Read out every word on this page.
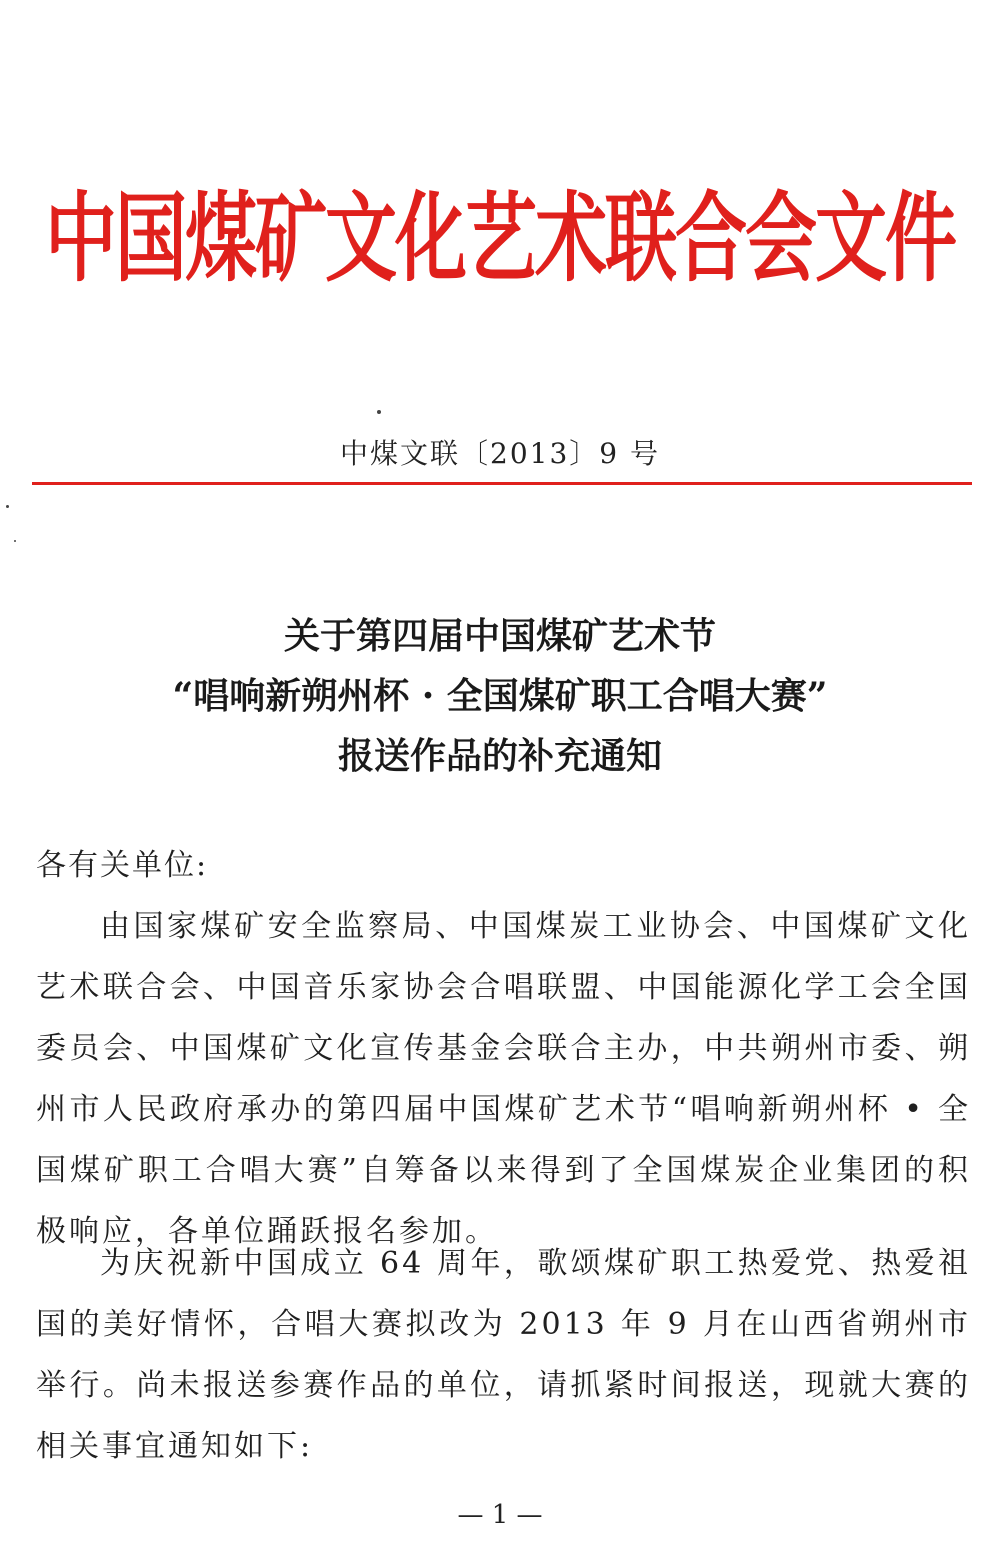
中国煤矿文化艺术联合会文件
中煤文联〔2013〕9 号
关于第四届中国煤矿艺术节
“唱响新朔州杯 · 全国煤矿职工合唱大赛”
报送作品的补充通知
各有关单位:
由国家煤矿安全监察局、中国煤炭工业协会、中国煤矿文化艺术联合会、中国音乐家协会合唱联盟、中国能源化学工会全国委员会、中国煤矿文化宣传基金会联合主办，中共朔州市委、朔州市人民政府承办的第四届中国煤矿艺术节“唱响新朔州杯 • 全国煤矿职工合唱大赛”自筹备以来得到了全国煤炭企业集团的积极响应，各单位踊跃报名参加。
为庆祝新中国成立 64 周年，歌颂煤矿职工热爱党、热爱祖国的美好情怀，合唱大赛拟改为 2013 年 9 月在山西省朔州市举行。尚未报送参赛作品的单位，请抓紧时间报送，现就大赛的相关事宜通知如下:
— 1 —
